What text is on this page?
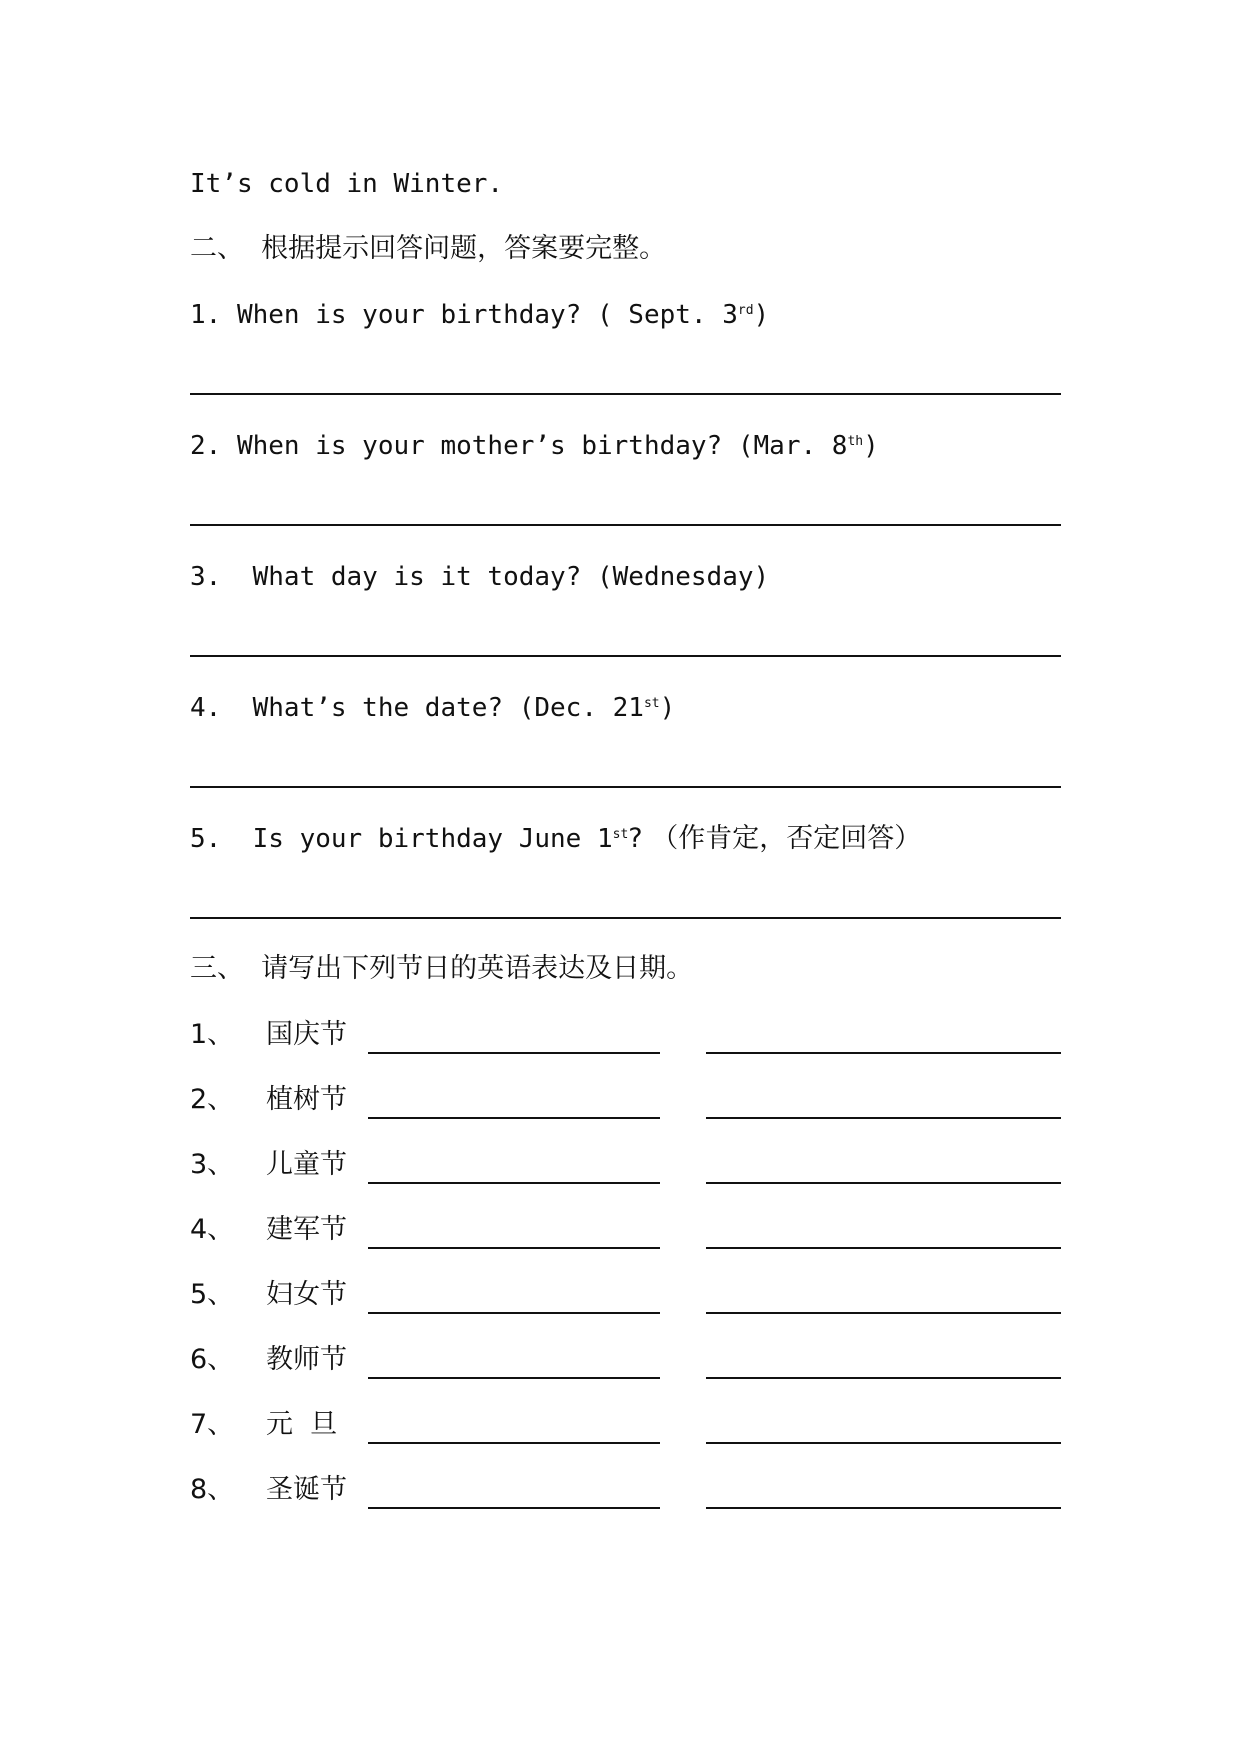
It’s cold in Winter.
二、  根据提示回答问题，答案要完整。
1. When is your birthday? ( Sept. 3rd)
2. When is your mother’s birthday? (Mar. 8th)
3.  What day is it today? (Wednesday)
4.  What’s the date? (Dec. 21st)
5.  Is your birthday June 1st? （作肯定，否定回答）
三、  请写出下列节日的英语表达及日期。
1、 国庆节
2、 植树节
3、 儿童节
4、 建军节
5、 妇女节
6、 教师节
7、 元  旦
8、 圣诞节
